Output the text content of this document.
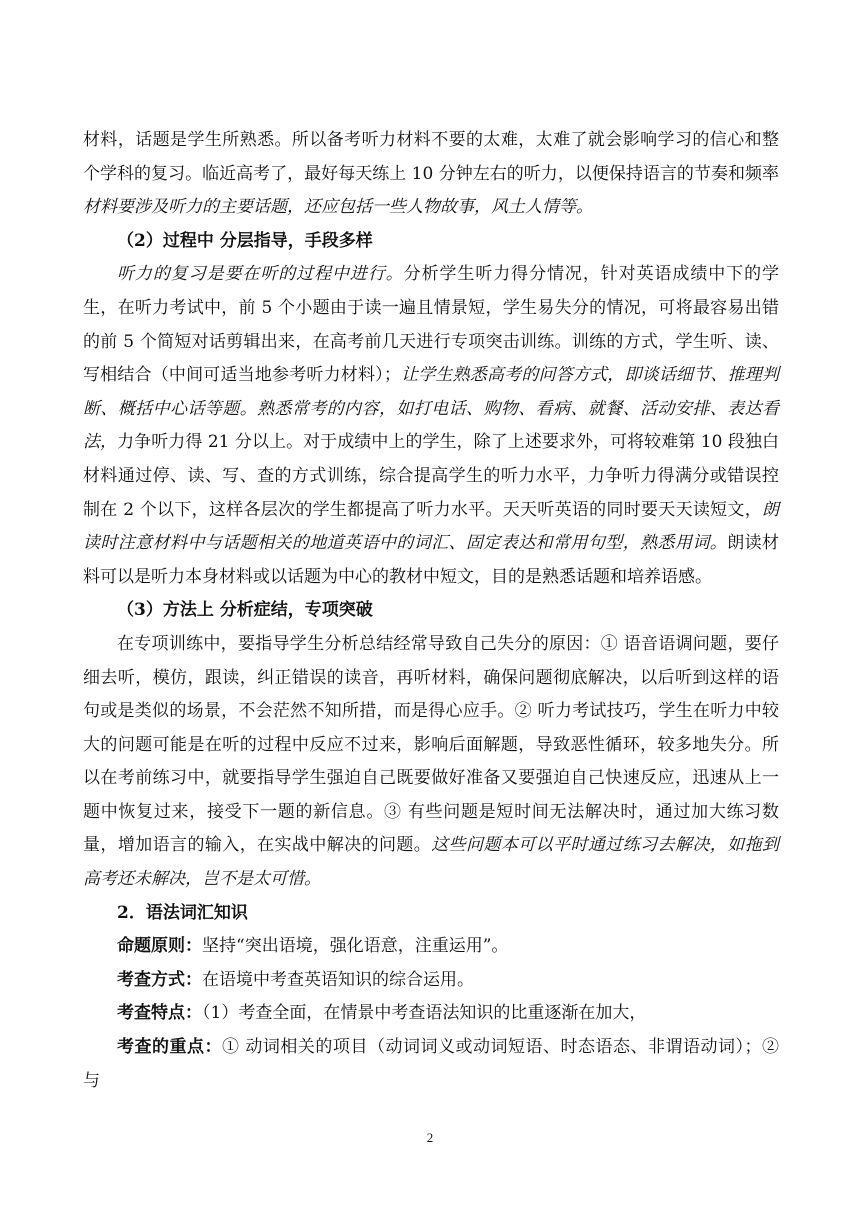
材料，话题是学生所熟悉。所以备考听力材料不要的太难，太难了就会影响学习的信心和整个学科的复习。临近高考了，最好每天练上 10 分钟左右的听力，以便保持语言的节奏和频率材料要涉及听力的主要话题，还应包括一些人物故事，风土人情等。

（2）过程中 分层指导，手段多样

听力的复习是要在听的过程中进行。分析学生听力得分情况，针对英语成绩中下的学生，在听力考试中，前 5 个小题由于读一遍且情景短，学生易失分的情况，可将最容易出错的前 5 个简短对话剪辑出来，在高考前几天进行专项突击训练。训练的方式，学生听、读、写相结合（中间可适当地参考听力材料）；让学生熟悉高考的问答方式，即谈话细节、推理判断、概括中心话等题。熟悉常考的内容，如打电话、购物、看病、就餐、活动安排、表达看法，力争听力得 21 分以上。对于成绩中上的学生，除了上述要求外，可将较难第 10 段独白材料通过停、读、写、查的方式训练，综合提高学生的听力水平，力争听力得满分或错误控制在 2 个以下，这样各层次的学生都提高了听力水平。天天听英语的同时要天天读短文，朗读时注意材料中与话题相关的地道英语中的词汇、固定表达和常用句型，熟悉用词。朗读材料可以是听力本身材料或以话题为中心的教材中短文，目的是熟悉话题和培养语感。

（3）方法上 分析症结，专项突破

在专项训练中，要指导学生分析总结经常导致自己失分的原因：① 语音语调问题，要仔细去听，模仿，跟读，纠正错误的读音，再听材料，确保问题彻底解决，以后听到这样的语句或是类似的场景，不会茫然不知所措，而是得心应手。② 听力考试技巧，学生在听力中较大的问题可能是在听的过程中反应不过来，影响后面解题，导致恶性循环，较多地失分。所以在考前练习中，就要指导学生强迫自己既要做好准备又要强迫自己快速反应，迅速从上一题中恢复过来，接受下一题的新信息。③ 有些问题是短时间无法解决时，通过加大练习数量，增加语言的输入，在实战中解决的问题。这些问题本可以平时通过练习去解决，如拖到高考还未解决，岂不是太可惜。

2．语法词汇知识

命题原则：坚持“突出语境，强化语意，注重运用”。

考查方式：在语境中考查英语知识的综合运用。

考查特点：（1）考查全面，在情景中考查语法知识的比重逐渐在加大，

考查的重点：① 动词相关的项目（动词词义或动词短语、时态语态、非谓语动词）；② 与

2
